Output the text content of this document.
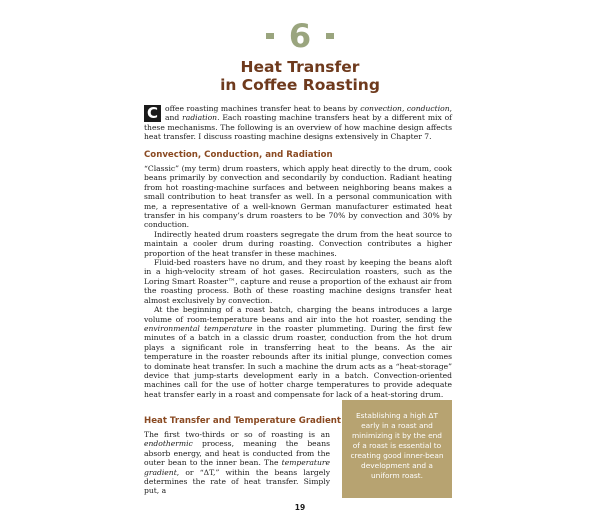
6
Heat Transfer
in Coffee Roasting

C offee roasting machines transfer heat to beans by convection, conduction, and radiation. Each roasting machine transfers heat by a different mix of these mechanisms. The following is an overview of how machine design affects heat transfer. I discuss roasting machine designs extensively in Chapter 7.

Convection, Conduction, and Radiation

“Classic” (my term) drum roasters, which apply heat directly to the drum, cook beans primarily by convection and secondarily by conduction. Radiant heating from hot roasting-machine surfaces and between neighboring beans makes a small contribution to heat transfer as well. In a personal communication with me, a representative of a well-known German manufacturer estimated heat transfer in his company’s drum roasters to be 70% by convection and 30% by conduction.

Indirectly heated drum roasters segregate the drum from the heat source to maintain a cooler drum during roasting. Convection contributes a higher proportion of the heat transfer in these machines.

Fluid-bed roasters have no drum, and they roast by keeping the beans aloft in a high-velocity stream of hot gases. Recirculation roasters, such as the Loring Smart Roaster™, capture and reuse a proportion of the exhaust air from the roasting process. Both of these roasting machine designs transfer heat almost exclusively by convection.

At the beginning of a roast batch, charging the beans introduces a large volume of room-temperature beans and air into the hot roaster, sending the environmental temperature in the roaster plummeting. During the first few minutes of a batch in a classic drum roaster, conduction from the hot drum plays a significant role in transferring heat to the beans. As the air temperature in the roaster rebounds after its initial plunge, convection comes to dominate heat transfer. In such a machine the drum acts as a “heat-storage” device that jump-starts development early in a batch. Convection-oriented machines call for the use of hotter charge temperatures to provide adequate heat transfer early in a roast and compensate for lack of a heat-storing drum.

Heat Transfer and Temperature Gradient

The first two-thirds or so of roasting is an endothermic process, meaning the beans absorb energy, and heat is conducted from the outer bean to the inner bean. The temperature gradient, or “ΔT,” within the beans largely determines the rate of heat transfer. Simply put, a

Establishing a high ΔT early in a roast and minimizing it by the end of a roast is essential to creating good inner-bean development and a uniform roast.
19
